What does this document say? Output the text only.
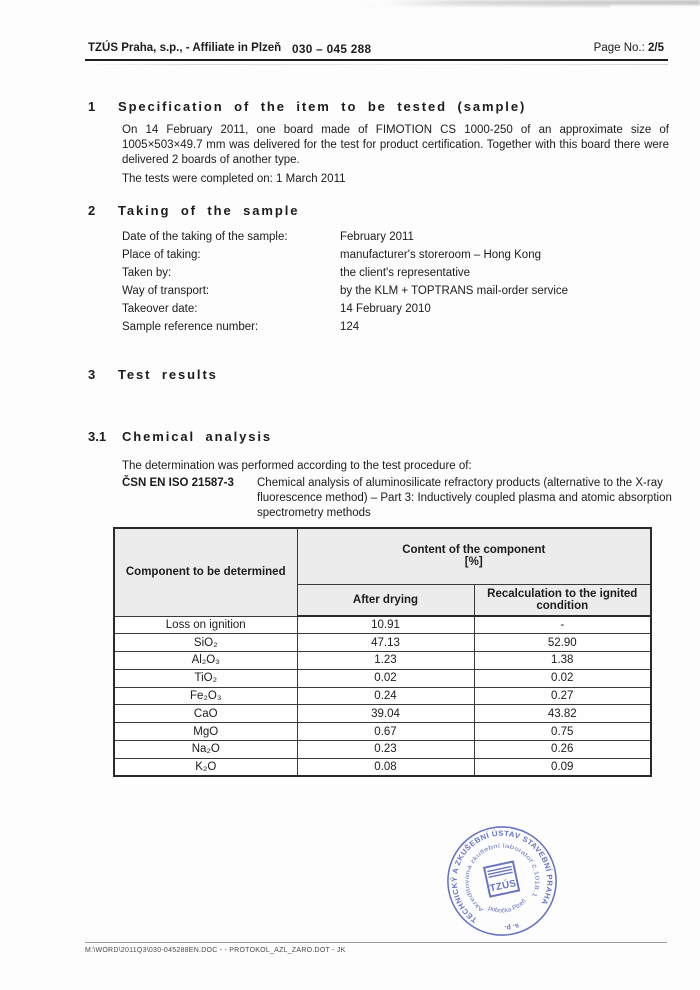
TZÚS Praha, s.p., - Affiliate in Plzeň 030 – 045 288	Page No.: 2/5
1	Specification of the item to be tested (sample)
On 14 February 2011, one board made of FIMOTION CS 1000-250 of an approximate size of 1005×503×49.7 mm was delivered for the test for product certification. Together with this board there were delivered 2 boards of another type.
The tests were completed on: 1 March 2011
2	Taking of the sample
Date of the taking of the sample:	February 2011
Place of taking:	manufacturer's storeroom – Hong Kong
Taken by:	the client's representative
Way of transport:	by the KLM + TOPTRANS mail-order service
Takeover date:	14 February 2010
Sample reference number:	124
3	Test results
3.1	Chemical analysis
The determination was performed according to the test procedure of:
ČSN EN ISO 21587-3	Chemical analysis of aluminosilicate refractory products (alternative to the X-ray fluorescence method) – Part 3: Inductively coupled plasma and atomic absorption spectrometry methods
Component to be determined	Content of the component
[%]	

	After drying	Recalculation to the ignited condition
Loss on ignition	10.91	-
SiO₂	47.13	52.90
Al₂O₃	1.23	1.38
TiO₂	0.02	0.02
Fe₂O₃	0.24	0.27
CaO	39.04	43.82
MgO	0.67	0.75
Na₂O	0.23	0.26
K₂O	0.08	0.09
TECHNICKÝ A ZKUŠEBNÍ ÚSTAV STAVEBNÍ PRAHA
s. p.
Akreditovaná zkušební laboratoř č.1018.1
pobočka Plzeň
TZÚS
M:\WORD\2011Q3\030-045288EN.DOC - - PROTOKOL_AZL_ZARO.DOT - JK
